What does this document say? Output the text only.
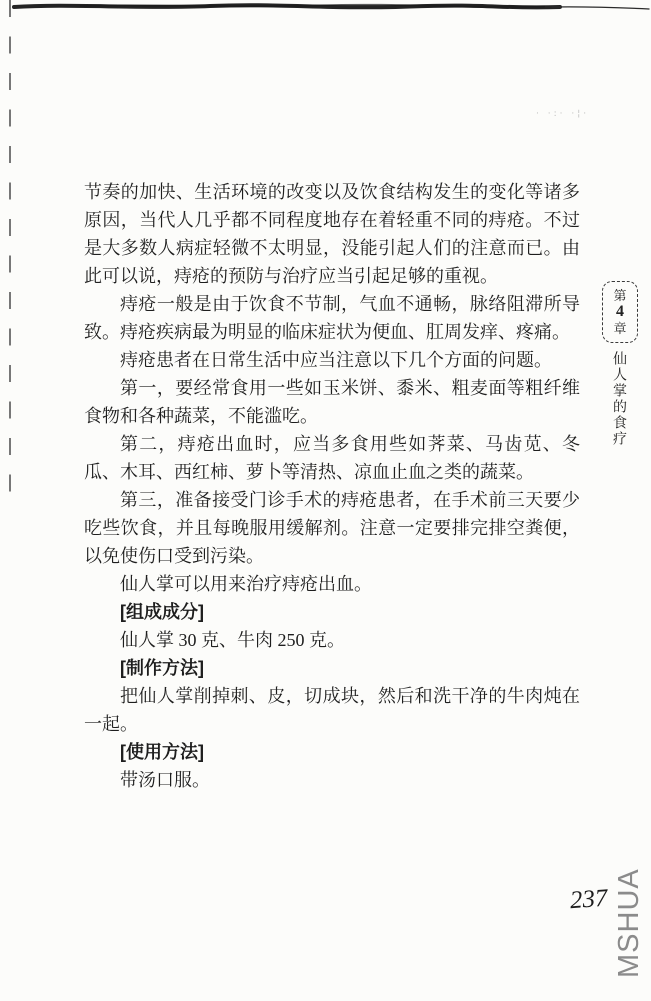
· ·:· ·¦·

节奏的加快、生活环境的改变以及饮食结构发生的变化等诸多原因，当代人几乎都不同程度地存在着轻重不同的痔疮。不过是大多数人病症轻微不太明显，没能引起人们的注意而已。由此可以说，痔疮的预防与治疗应当引起足够的重视。

痔疮一般是由于饮食不节制，气血不通畅，脉络阻滞所导致。痔疮疾病最为明显的临床症状为便血、肛周发痒、疼痛。

痔疮患者在日常生活中应当注意以下几个方面的问题。

第一，要经常食用一些如玉米饼、黍米、粗麦面等粗纤维食物和各种蔬菜，不能滥吃。

第二，痔疮出血时，应当多食用些如荠菜、马齿苋、冬瓜、木耳、西红柿、萝卜等清热、凉血止血之类的蔬菜。

第三，准备接受门诊手术的痔疮患者，在手术前三天要少吃些饮食，并且每晚服用缓解剂。注意一定要排完排空粪便，以免使伤口受到污染。

仙人掌可以用来治疗痔疮出血。

[组成成分]

仙人掌 30 克、牛肉 250 克。

[制作方法]

把仙人掌削掉刺、皮，切成块，然后和洗干净的牛肉炖在一起。

[使用方法]

带汤口服。

第
4
章
仙人掌的食疗
237 MSHUA
